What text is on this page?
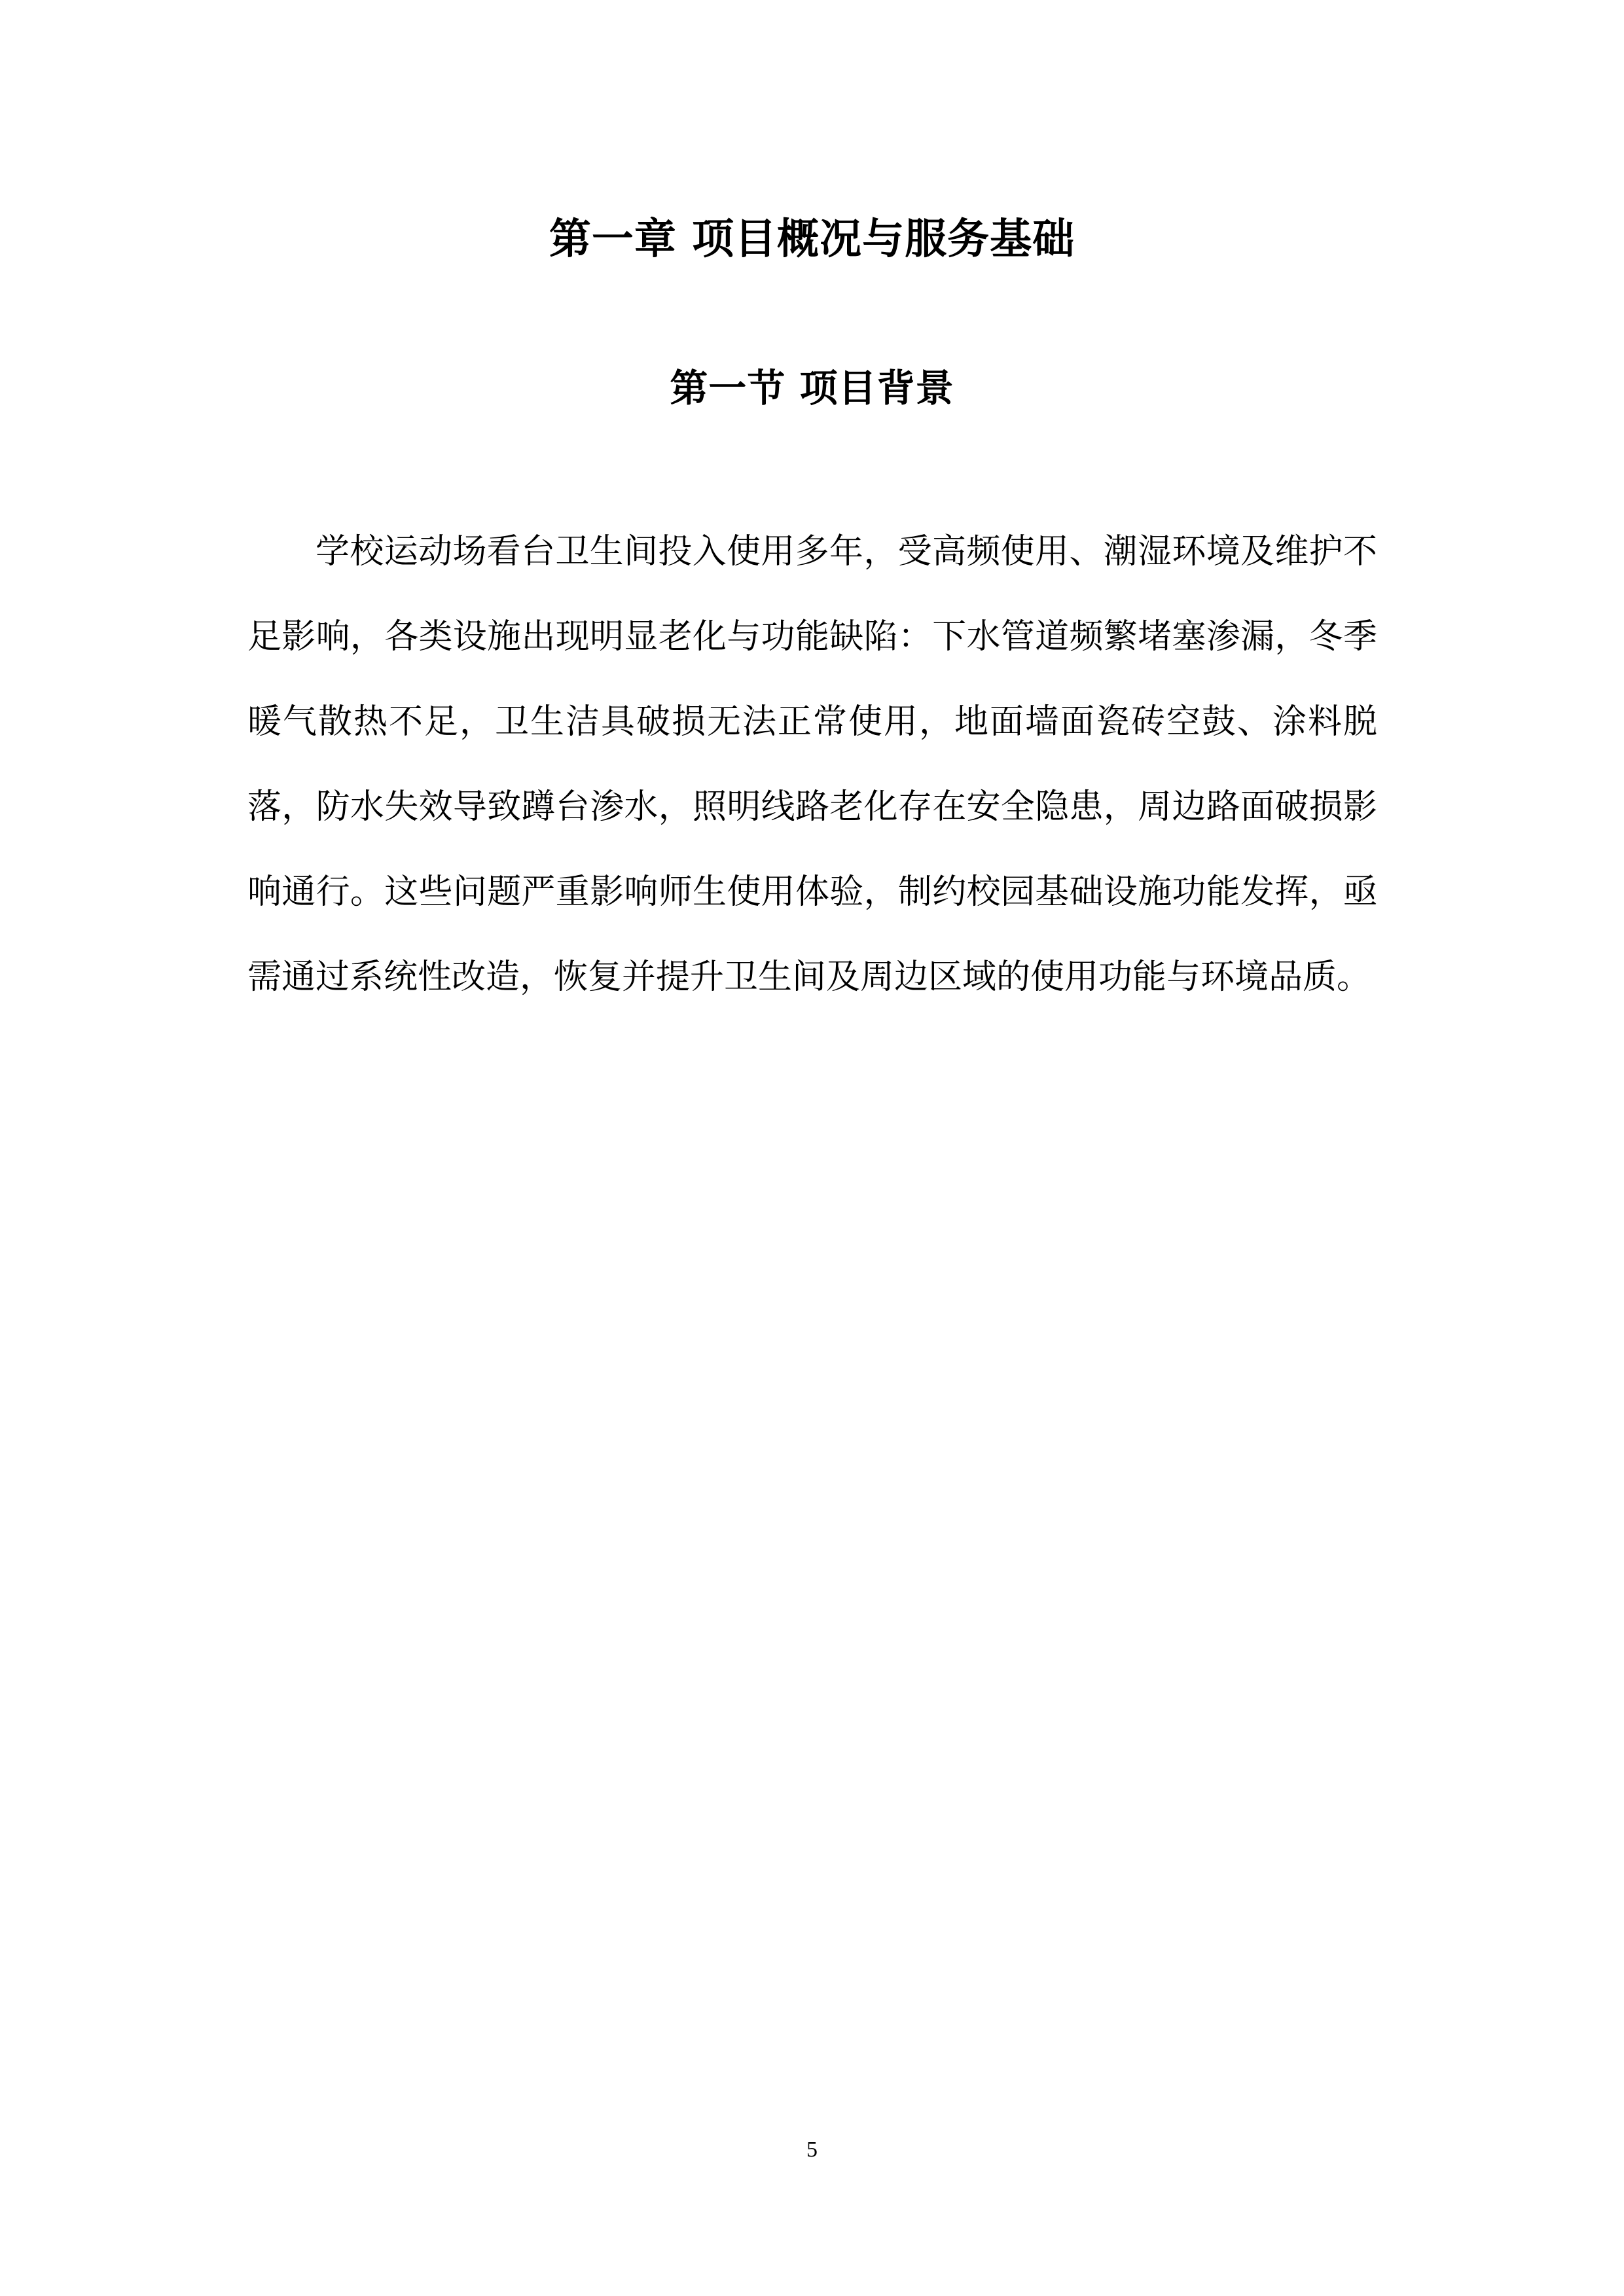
第一章 项目概况与服务基础
第一节 项目背景

学校运动场看台卫生间投入使用多年，受高频使用、潮湿环境及维护不足影响，各类设施出现明显老化与功能缺陷：下水管道频繁堵塞渗漏，冬季暖气散热不足，卫生洁具破损无法正常使用，地面墙面瓷砖空鼓、涂料脱落，防水失效导致蹲台渗水，照明线路老化存在安全隐患，周边路面破损影响通行。这些问题严重影响师生使用体验，制约校园基础设施功能发挥，亟需通过系统性改造，恢复并提升卫生间及周边区域的使用功能与环境品质。

5
